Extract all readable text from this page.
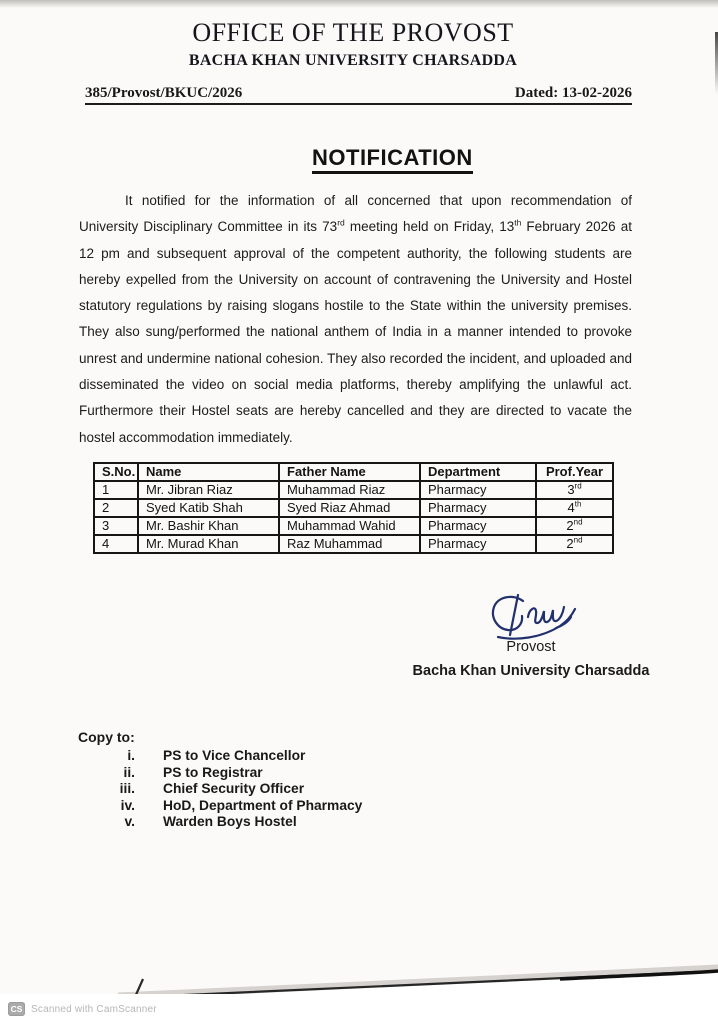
OFFICE OF THE PROVOST
BACHA KHAN UNIVERSITY CHARSADDA
385/Provost/BKUC/2026	Dated: 13-02-2026
NOTIFICATION

It notified for the information of all concerned that upon recommendation of University Disciplinary Committee in its 73rd meeting held on Friday, 13th February 2026 at 12 pm and subsequent approval of the competent authority, the following students are hereby expelled from the University on account of contravening the University and Hostel statutory regulations by raising slogans hostile to the State within the university premises. They also sung/performed the national anthem of India in a manner intended to provoke unrest and undermine national cohesion. They also recorded the incident, and uploaded and disseminated the video on social media platforms, thereby amplifying the unlawful act. Furthermore their Hostel seats are hereby cancelled and they are directed to vacate the hostel accommodation immediately.

S.No.	Name	Father Name	Department	Prof.Year
1	Mr. Jibran Riaz	Muhammad Riaz	Pharmacy	3rd
2	Syed Katib Shah	Syed Riaz Ahmad	Pharmacy	4th
3	Mr. Bashir Khan	Muhammad Wahid	Pharmacy	2nd
4	Mr. Murad Khan	Raz Muhammad	Pharmacy	2nd
Provost
Bacha Khan University Charsadda
Copy to:
i. PS to Vice Chancellor
ii. PS to Registrar
iii. Chief Security Officer
iv. HoD, Department of Pharmacy
v. Warden Boys Hostel
CS Scanned with CamScanner
